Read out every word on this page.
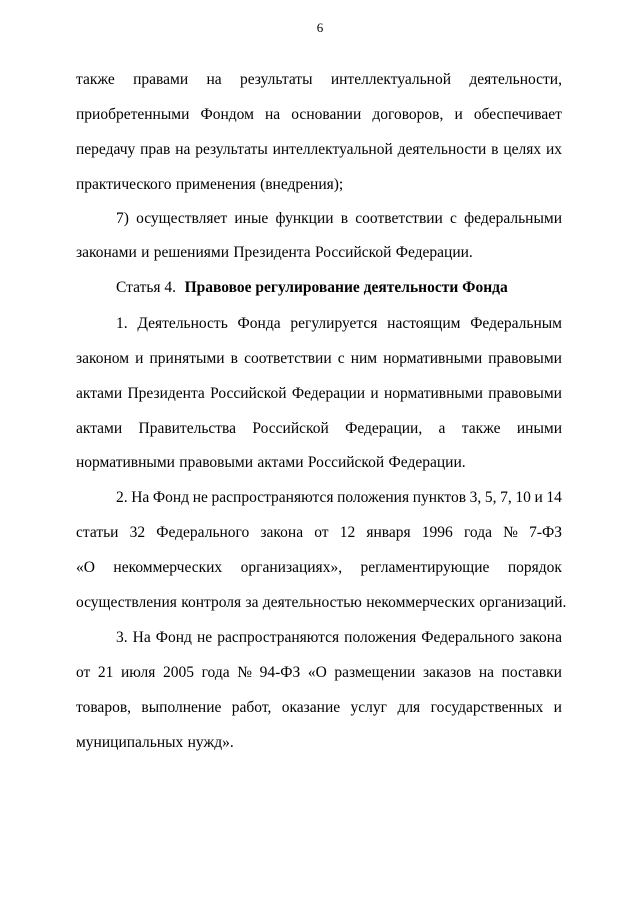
6
также правами на результаты интеллектуальной деятельности,
приобретенными Фондом на основании договоров, и обеспечивает
передачу прав на результаты интеллектуальной деятельности в целях их
практического применения (внедрения);
7) осуществляет иные функции в соответствии с федеральными
законами и решениями Президента Российской Федерации.
Статья 4. Правовое регулирование деятельности Фонда
1. Деятельность Фонда регулируется настоящим Федеральным
законом и принятыми в соответствии с ним нормативными правовыми
актами Президента Российской Федерации и нормативными правовыми
актами Правительства Российской Федерации, а также иными
нормативными правовыми актами Российской Федерации.
2. На Фонд не распространяются положения пунктов 3, 5, 7, 10 и 14
статьи 32 Федерального закона от 12 января 1996 года № 7-ФЗ
«О некоммерческих организациях», регламентирующие порядок
осуществления контроля за деятельностью некоммерческих организаций.
3. На Фонд не распространяются положения Федерального закона
от 21 июля 2005 года № 94-ФЗ «О размещении заказов на поставки
товаров, выполнение работ, оказание услуг для государственных и
муниципальных нужд».
